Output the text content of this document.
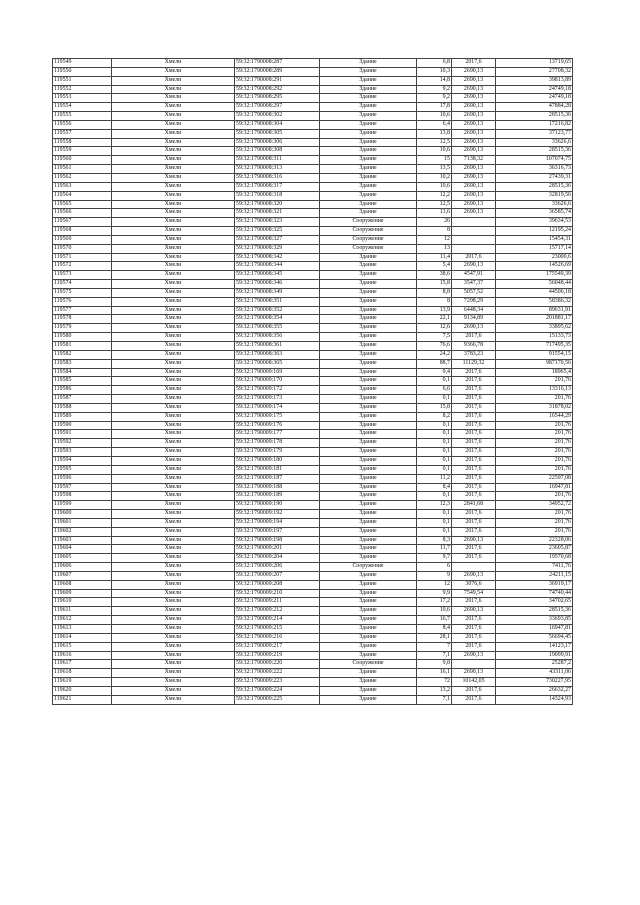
119549	Хмели	59:32:1790008:287	Здание	6,8	2017,6	13719,65
119550	Хмели	59:32:1790008:289	Здание	10,3	2690,13	27708,32
119551	Хмели	59:32:1790008:291	Здание	14,8	2690,13	39813,89
119552	Хмели	59:32:1790008:292	Здание	9,2	2690,13	24749,18
119553	Хмели	59:32:1790008:295	Здание	9,2	2690,13	24749,18
119554	Хмели	59:32:1790008:297	Здание	17,8	2690,13	47884,28
119555	Хмели	59:32:1790008:302	Здание	10,6	2690,13	28515,36
119556	Хмели	59:32:1790008:304	Здание	6,4	2690,13	17216,82
119557	Хмели	59:32:1790008:305	Здание	13,8	2690,13	37123,77
119558	Хмели	59:32:1790008:306	Здание	12,5	2690,13	33626,6
119559	Хмели	59:32:1790008:308	Здание	10,6	2690,13	28515,36
119560	Хмели	59:32:1790008:311	Здание	15	7138,32	107074,75
119561	Хмели	59:32:1790008:313	Здание	13,5	2690,13	36316,73
119562	Хмели	59:32:1790008:316	Здание	10,2	2690,13	27439,31
119563	Хмели	59:32:1790008:317	Здание	10,6	2690,13	28515,36
119564	Хмели	59:32:1790008:318	Здание	12,2	2690,13	32819,56
119565	Хмели	59:32:1790008:320	Здание	12,5	2690,13	33626,6
119566	Хмели	59:32:1790008:321	Здание	13,6	2690,13	36585,74
119567	Хмели	59:32:1790008:323	Сооружение	26		39634,53
119568	Хмели	59:32:1790008:325	Сооружение	8		12195,24
119569	Хмели	59:32:1790008:327	Сооружение	12		15454,31
119570	Хмели	59:32:1790008:329	Сооружение	13		15717,14
119571	Хмели	59:32:1790008:342	Здание	11,4	2017,6	23000,6
119572	Хмели	59:32:1790008:344	Здание	5,4	2690,13	14526,69
119573	Хмели	59:32:1790008:345	Здание	38,6	4547,91	175549,39
119574	Хмели	59:32:1790008:346	Здание	15,8	3547,37	56048,44
119575	Хмели	59:32:1790008:349	Здание	8,8	5057,52	44506,18
119576	Хмели	59:32:1790008:351	Здание	8	7298,29	58386,32
119577	Хмели	59:32:1790008:352	Здание	13,9	6448,34	89631,91
119578	Хмели	59:32:1790008:354	Здание	22,1	9134,89	201881,17
119579	Хмели	59:32:1790008:355	Здание	12,6	2690,13	33895,62
119580	Хмели	59:32:1790008:356	Здание	7,5	2017,6	15133,73
119581	Хмели	59:32:1790008:361	Здание	76,6	9366,78	717495,35
119582	Хмели	59:32:1790008:363	Здание	24,2	3783,23	91554,15
119583	Хмели	59:32:1790008:365	Здание	88,7	11129,32	987170,56
119584	Хмели	59:32:1790009:169	Здание	9,4	2017,6	18965,4
119585	Хмели	59:32:1790009:170	Здание	0,1	2017,6	201,76
119586	Хмели	59:32:1790009:172	Здание	6,6	2017,6	13316,13
119587	Хмели	59:32:1790009:173	Здание	0,1	2017,6	201,76
119588	Хмели	59:32:1790009:174	Здание	15,8	2017,6	31878,02
119589	Хмели	59:32:1790009:175	Здание	8,2	2017,6	16544,29
119590	Хмели	59:32:1790009:176	Здание	0,1	2017,6	201,76
119591	Хмели	59:32:1790009:177	Здание	0,1	2017,6	201,76
119592	Хмели	59:32:1790009:178	Здание	0,1	2017,6	201,76
119593	Хмели	59:32:1790009:179	Здание	0,1	2017,6	201,76
119594	Хмели	59:32:1790009:180	Здание	0,1	2017,6	201,76
119595	Хмели	59:32:1790009:181	Здание	0,1	2017,6	201,76
119596	Хмели	59:32:1790009:187	Здание	11,2	2017,6	22597,08
119597	Хмели	59:32:1790009:188	Здание	8,4	2017,6	16947,81
119598	Хмели	59:32:1790009:189	Здание	0,1	2017,6	201,76
119599	Хмели	59:32:1790009:190	Здание	12,3	2841,68	34952,72
119600	Хмели	59:32:1790009:192	Здание	0,1	2017,6	201,76
119601	Хмели	59:32:1790009:194	Здание	0,1	2017,6	201,76
119602	Хмели	59:32:1790009:197	Здание	0,1	2017,6	201,76
119603	Хмели	59:32:1790009:198	Здание	8,3	2690,13	22328,06
119604	Хмели	59:32:1790009:201	Здание	11,7	2017,6	23605,87
119605	Хмели	59:32:1790009:204	Здание	9,7	2017,6	19570,68
119606	Хмели	59:32:1790009:206	Сооружение	6		7411,76
119607	Хмели	59:32:1790009:207	Здание	9	2690,13	24211,15
119608	Хмели	59:32:1790009:208	Здание	12	3076,6	36919,17
119609	Хмели	59:32:1790009:210	Здание	9,9	7549,54	74740,44
119610	Хмели	59:32:1790009:211	Здание	17,2	2017,6	34702,65
119611	Хмели	59:32:1790009:212	Здание	10,6	2690,13	28515,36
119612	Хмели	59:32:1790009:214	Здание	16,7	2017,6	33693,85
119613	Хмели	59:32:1790009:215	Здание	8,4	2017,6	16947,81
119614	Хмели	59:32:1790009:216	Здание	28,1	2017,6	56694,45
119615	Хмели	59:32:1790009:217	Здание	7	2017,6	14123,17
119616	Хмели	59:32:1790009:219	Здание	7,1	2690,13	19099,91
119617	Хмели	59:32:1790009:220	Сооружение	9,8		25287,2
119618	Хмели	59:32:1790009:222	Здание	16,1	2690,13	43311,06
119619	Хмели	59:32:1790009:223	Здание	72	10142,05	730227,95
119620	Хмели	59:32:1790009:224	Здание	13,2	2017,6	26632,27
119621	Хмели	59:32:1790009:225	Здание	7,1	2017,6	14324,93
